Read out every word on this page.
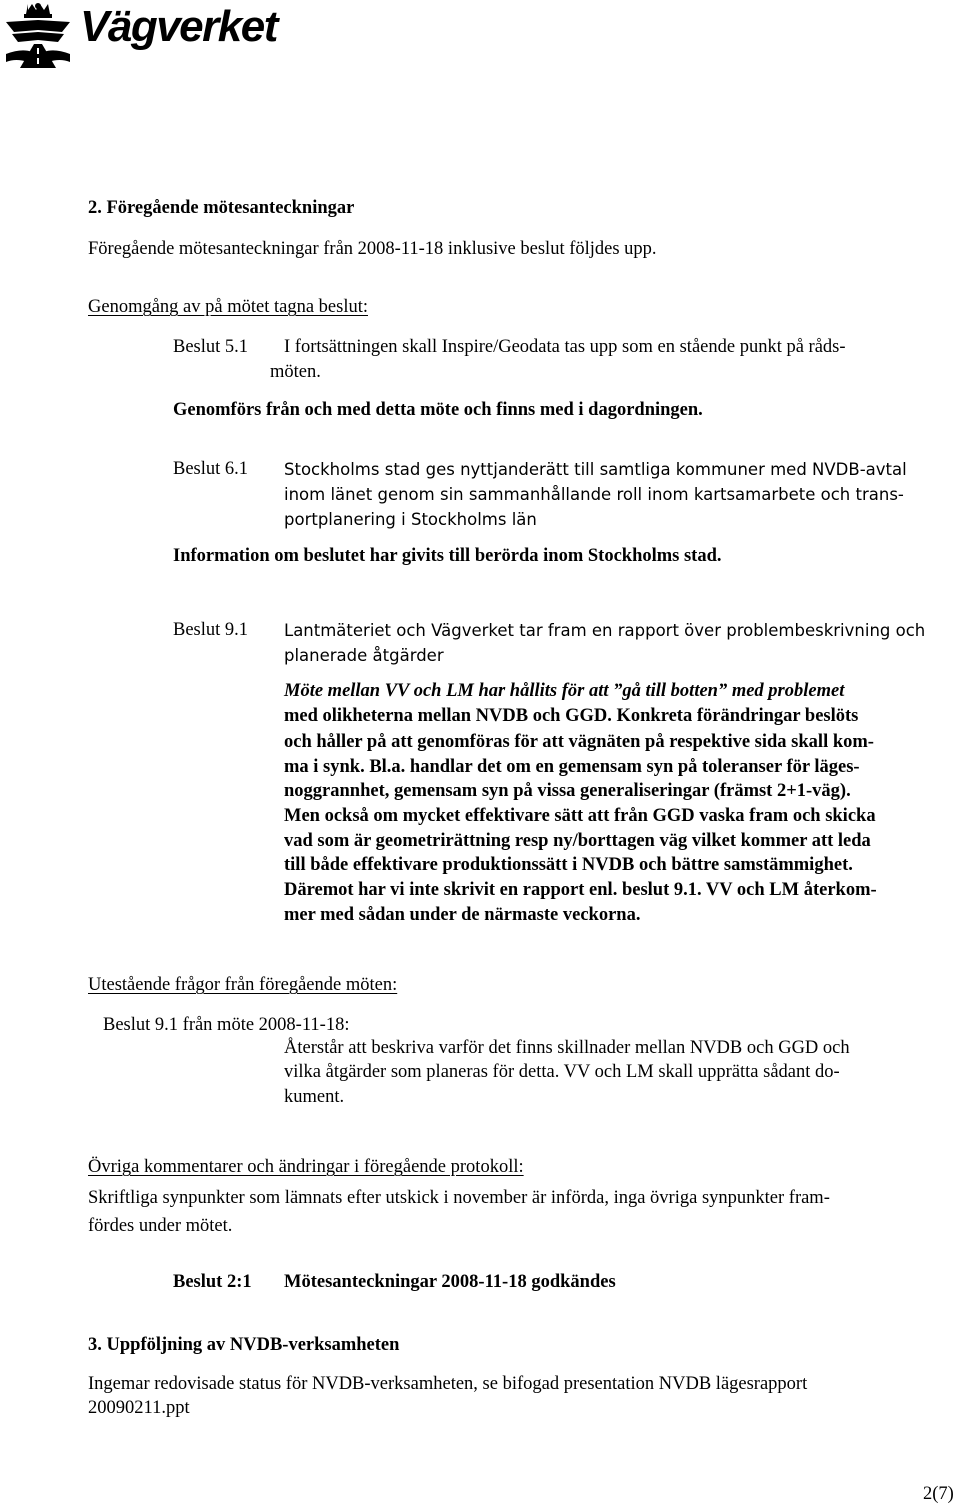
Vägverket
2. Föregående mötesanteckningar
Föregående mötesanteckningar från 2008-11-18 inklusive beslut följdes upp.
Genomgång av på mötet tagna beslut:
Beslut 5.1 I fortsättningen skall Inspire/Geodata tas upp som en stående punkt på råds-
möten.
Genomförs från och med detta möte och finns med i dagordningen.
Beslut 6.1 Stockholms stad ges nyttjanderätt till samtliga kommuner med NVDB-avtal
inom länet genom sin sammanhållande roll inom kartsamarbete och trans-
portplanering i Stockholms län
Information om beslutet har givits till berörda inom Stockholms stad.
Beslut 9.1 Lantmäteriet och Vägverket tar fram en rapport över problembeskrivning och
planerade åtgärder
Möte mellan VV och LM har hållits för att ”gå till botten” med problemet
med olikheterna mellan NVDB och GGD. Konkreta förändringar beslöts
och håller på att genomföras för att vägnäten på respektive sida skall kom-
ma i synk. Bl.a. handlar det om en gemensam syn på toleranser för läges-
noggrannhet, gemensam syn på vissa generaliseringar (främst 2+1-väg).
Men också om mycket effektivare sätt att från GGD vaska fram och skicka
vad som är geometrirättning resp ny/borttagen väg vilket kommer att leda
till både effektivare produktionssätt i NVDB och bättre samstämmighet.
Däremot har vi inte skrivit en rapport enl. beslut 9.1. VV och LM återkom-
mer med sådan under de närmaste veckorna.
Utestående frågor från föregående möten:
Beslut 9.1 från möte 2008-11-18:
Återstår att beskriva varför det finns skillnader mellan NVDB och GGD och
vilka åtgärder som planeras för detta. VV och LM skall upprätta sådant do-
kument.
Övriga kommentarer och ändringar i föregående protokoll:
Skriftliga synpunkter som lämnats efter utskick i november är införda, inga övriga synpunkter fram-
fördes under mötet.
Beslut 2:1 Mötesanteckningar 2008-11-18 godkändes
3. Uppföljning av NVDB-verksamheten
Ingemar redovisade status för NVDB-verksamheten, se bifogad presentation NVDB lägesrapport
20090211.ppt
2(7)
